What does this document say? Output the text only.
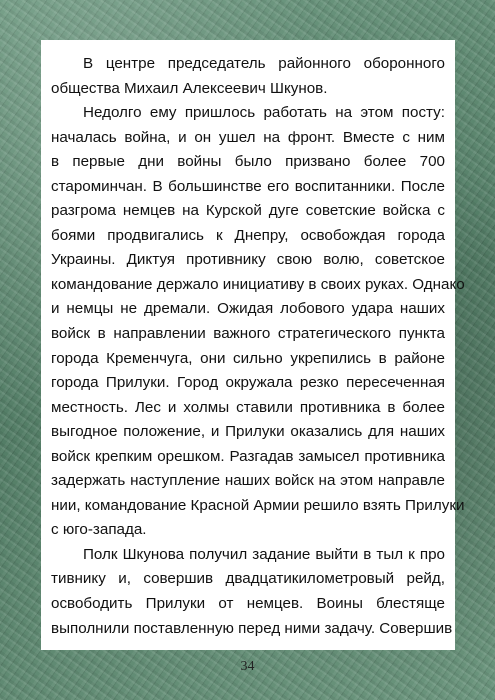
В центре председатель районного оборонного
общества Михаил Алексеевич Шкунов.

Недолго ему пришлось работать на этом посту:
началась война, и он ушел на фронт. Вместе с ним
в первые дни войны было призвано более 700
староминчан. В большинстве его воспитанники. После
разгрома немцев на Курской дуге советские войска с
боями продвигались к Днепру, освобождая города
Украины. Диктуя противнику свою волю, советское
командование держало инициативу в своих руках. Однако
и немцы не дремали. Ожидая лобового удара наших
войск в направлении важного стратегического пункта
города Кременчуга, они сильно укрепились в районе
города Прилуки. Город окружала резко пересеченная
местность. Лес и холмы ставили противника в более
выгодное положение, и Прилуки оказались для наших
войск крепким орешком. Разгадав замысел противника
задержать наступление наших войск на этом направле
нии, командование Красной Армии решило взять Прилуки
с юго-запада.

Полк Шкунова получил задание выйти в тыл к про
тивнику и, совершив двадцатикилометровый рейд,
освободить Прилуки от немцев. Воины блестяще
выполнили поставленную перед ними задачу. Совершив

34
